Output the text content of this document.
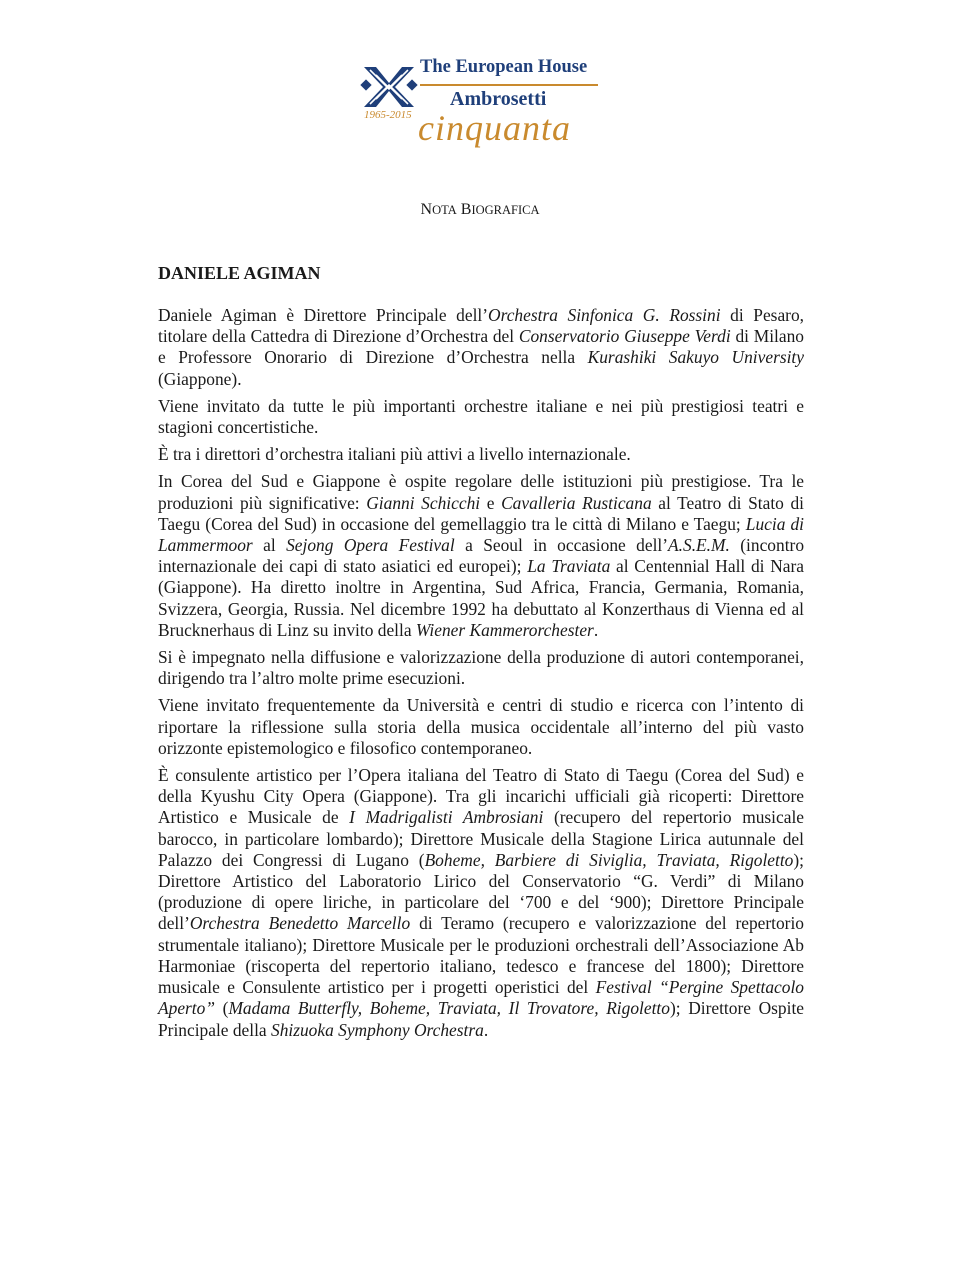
The European House
Ambrosetti
1965-2015 cinquanta
NOTA BIOGRAFICA
DANIELE AGIMAN

Daniele Agiman è Direttore Principale dell’Orchestra Sinfonica G. Rossini di Pesaro, titolare della Cattedra di Direzione d’Orchestra del Conservatorio Giuseppe Verdi di Milano e Professore Onorario di Direzione d’Orchestra nella Kurashiki Sakuyo University (Giappone).

Viene invitato da tutte le più importanti orchestre italiane e nei più prestigiosi teatri e stagioni concertistiche.

È tra i direttori d’orchestra italiani più attivi a livello internazionale.

In Corea del Sud e Giappone è ospite regolare delle istituzioni più prestigiose. Tra le produzioni più significative: Gianni Schicchi e Cavalleria Rusticana al Teatro di Stato di Taegu (Corea del Sud) in occasione del gemellaggio tra le città di Milano e Taegu; Lucia di Lammermoor al Sejong Opera Festival a Seoul in occasione dell’A.S.E.M. (incontro internazionale dei capi di stato asiatici ed europei); La Traviata al Centennial Hall di Nara (Giappone). Ha diretto inoltre in Argentina, Sud Africa, Francia, Germania, Romania, Svizzera, Georgia, Russia. Nel dicembre 1992 ha debuttato al Konzerthaus di Vienna ed al Brucknerhaus di Linz su invito della Wiener Kammerorchester.

Si è impegnato nella diffusione e valorizzazione della produzione di autori contemporanei, dirigendo tra l’altro molte prime esecuzioni.

Viene invitato frequentemente da Università e centri di studio e ricerca con l’intento di riportare la riflessione sulla storia della musica occidentale all’interno del più vasto orizzonte epistemologico e filosofico contemporaneo.

È consulente artistico per l’Opera italiana del Teatro di Stato di Taegu (Corea del Sud) e della Kyushu City Opera (Giappone). Tra gli incarichi ufficiali già ricoperti: Direttore Artistico e Musicale de I Madrigalisti Ambrosiani (recupero del repertorio musicale barocco, in particolare lombardo); Direttore Musicale della Stagione Lirica autunnale del Palazzo dei Congressi di Lugano (Boheme, Barbiere di Siviglia, Traviata, Rigoletto); Direttore Artistico del Laboratorio Lirico del Conservatorio “G. Verdi” di Milano (produzione di opere liriche, in particolare del ‘700 e del ‘900); Direttore Principale dell’Orchestra Benedetto Marcello di Teramo (recupero e valorizzazione del repertorio strumentale italiano); Direttore Musicale per le produzioni orchestrali dell’Associazione Ab Harmoniae (riscoperta del repertorio italiano, tedesco e francese del 1800); Direttore musicale e Consulente artistico per i progetti operistici del Festival “Pergine Spettacolo Aperto” (Madama Butterfly, Boheme, Traviata, Il Trovatore, Rigoletto); Direttore Ospite Principale della Shizuoka Symphony Orchestra.
